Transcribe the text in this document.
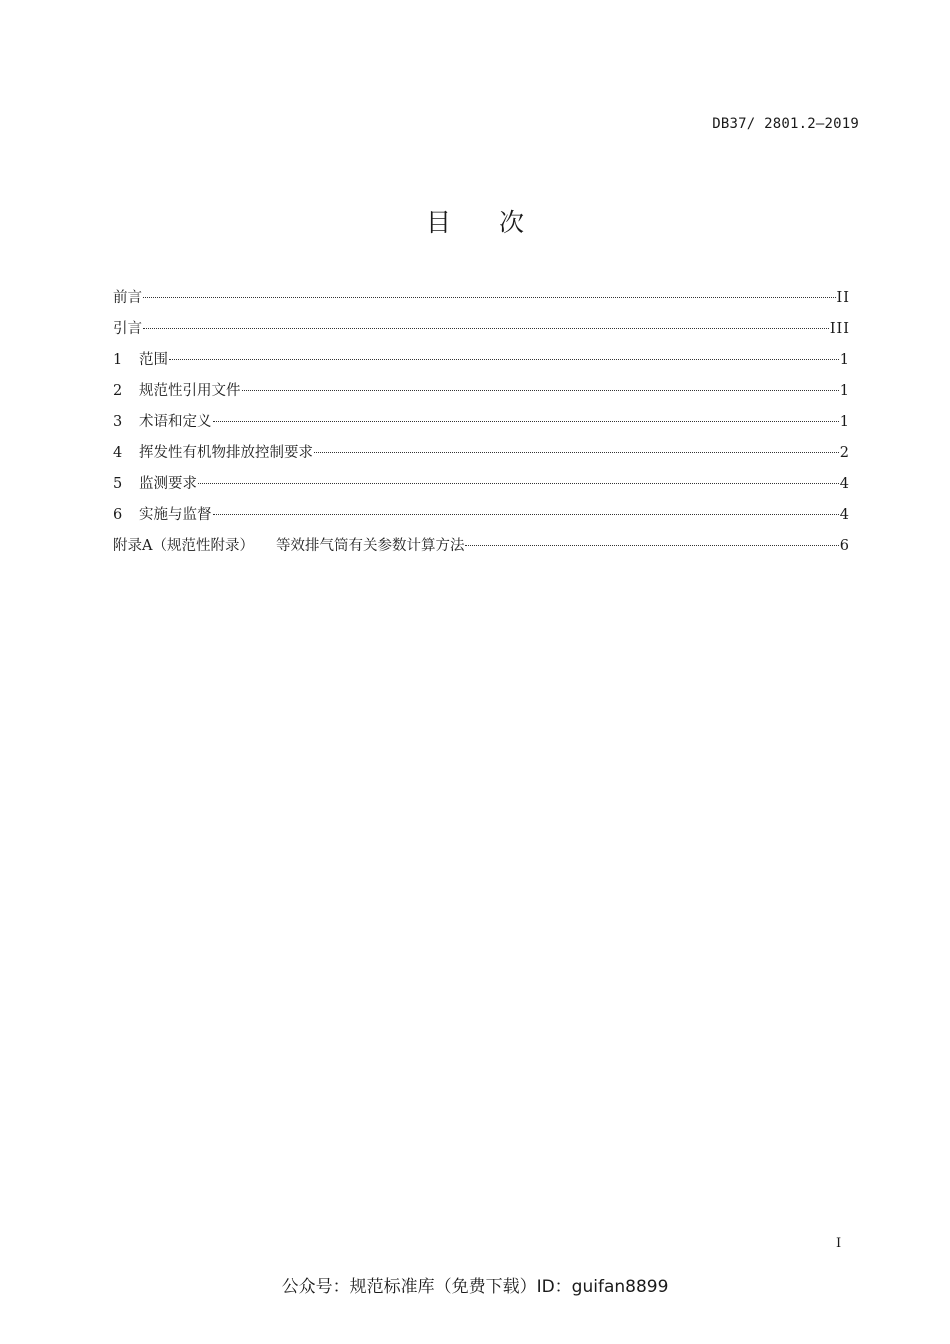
DB37/ 2801.2—2019
目 次
前言	II
引言	III
1	范围	1
2	规范性引用文件	1
3	术语和定义	1
4	挥发性有机物排放控制要求	2
5	监测要求	4
6	实施与监督	4
附录A（规范性附录） 等效排气筒有关参数计算方法	6
I
公众号：规范标准库（免费下载）ID：guifan8899
